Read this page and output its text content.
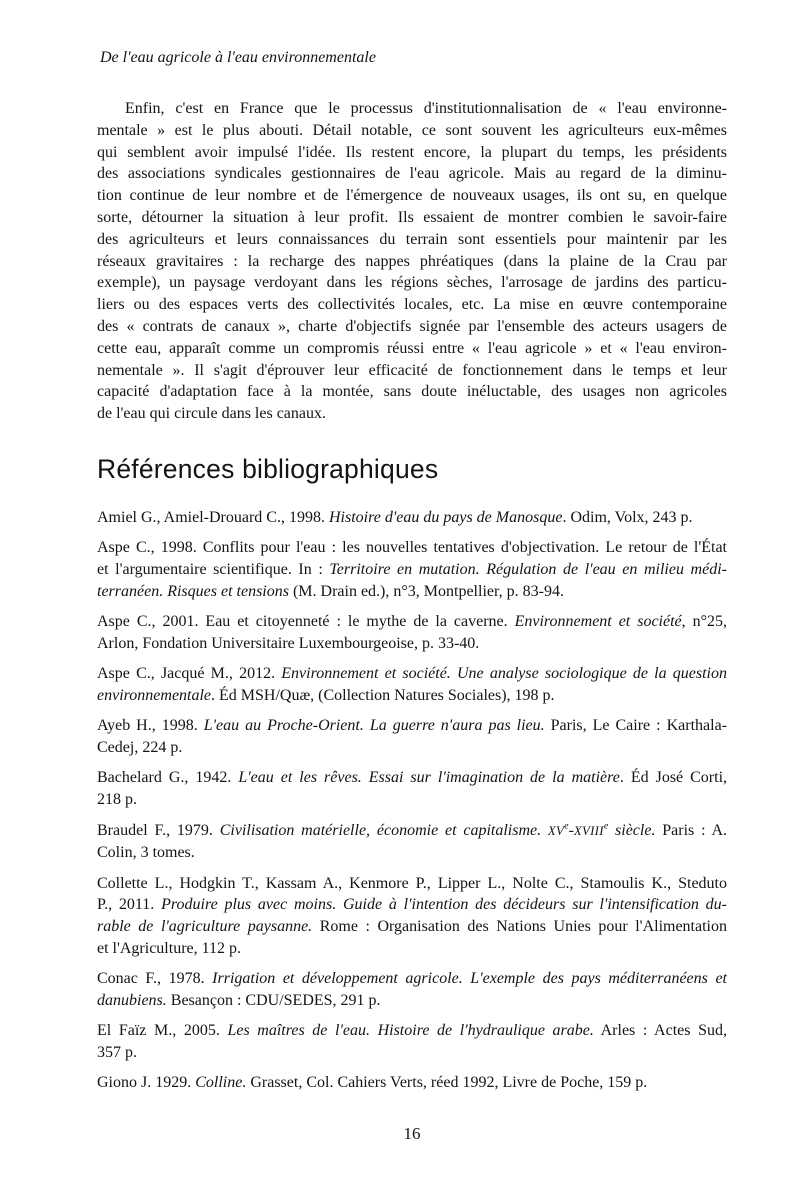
De l'eau agricole à l'eau environnementale
Enfin, c'est en France que le processus d'institutionnalisation de « l'eau environne-
mentale » est le plus abouti. Détail notable, ce sont souvent les agriculteurs eux-mêmes
qui semblent avoir impulsé l'idée. Ils restent encore, la plupart du temps, les présidents
des associations syndicales gestionnaires de l'eau agricole. Mais au regard de la diminu-
tion continue de leur nombre et de l'émergence de nouveaux usages, ils ont su, en quelque
sorte, détourner la situation à leur profit. Ils essaient de montrer combien le savoir-faire
des agriculteurs et leurs connaissances du terrain sont essentiels pour maintenir par les
réseaux gravitaires : la recharge des nappes phréatiques (dans la plaine de la Crau par
exemple), un paysage verdoyant dans les régions sèches, l'arrosage de jardins des particu-
liers ou des espaces verts des collectivités locales, etc. La mise en œuvre contemporaine
des « contrats de canaux », charte d'objectifs signée par l'ensemble des acteurs usagers de
cette eau, apparaît comme un compromis réussi entre « l'eau agricole » et « l'eau environ-
nementale ». Il s'agit d'éprouver leur efficacité de fonctionnement dans le temps et leur
capacité d'adaptation face à la montée, sans doute inéluctable, des usages non agricoles
de l'eau qui circule dans les canaux.
Références bibliographiques
Amiel G., Amiel-Drouard C., 1998. Histoire d'eau du pays de Manosque. Odim, Volx, 243 p.
Aspe C., 1998. Conflits pour l'eau : les nouvelles tentatives d'objectivation. Le retour de l'État
et l'argumentaire scientifique. In : Territoire en mutation. Régulation de l'eau en milieu médi-
terranéen. Risques et tensions (M. Drain ed.), n°3, Montpellier, p. 83-94.
Aspe C., 2001. Eau et citoyenneté : le mythe de la caverne. Environnement et société, n°25,
Arlon, Fondation Universitaire Luxembourgeoise, p. 33-40.
Aspe C., Jacqué M., 2012. Environnement et société. Une analyse sociologique de la question
environnementale. Éd MSH/Quæ, (Collection Natures Sociales), 198 p.
Ayeb H., 1998. L'eau au Proche-Orient. La guerre n'aura pas lieu. Paris, Le Caire : Karthala-
Cedej, 224 p.
Bachelard G., 1942. L'eau et les rêves. Essai sur l'imagination de la matière. Éd José Corti,
218 p.
Braudel F., 1979. Civilisation matérielle, économie et capitalisme. XVe-XVIIIe siècle. Paris : A.
Colin, 3 tomes.
Collette L., Hodgkin T., Kassam A., Kenmore P., Lipper L., Nolte C., Stamoulis K., Steduto
P., 2011. Produire plus avec moins. Guide à l'intention des décideurs sur l'intensification du-
rable de l'agriculture paysanne. Rome : Organisation des Nations Unies pour l'Alimentation
et l'Agriculture, 112 p.
Conac F., 1978. Irrigation et développement agricole. L'exemple des pays méditerranéens et
danubiens. Besançon : CDU/SEDES, 291 p.
El Faïz M., 2005. Les maîtres de l'eau. Histoire de l'hydraulique arabe. Arles : Actes Sud,
357 p.
Giono J. 1929. Colline. Grasset, Col. Cahiers Verts, réed 1992, Livre de Poche, 159 p.
16
